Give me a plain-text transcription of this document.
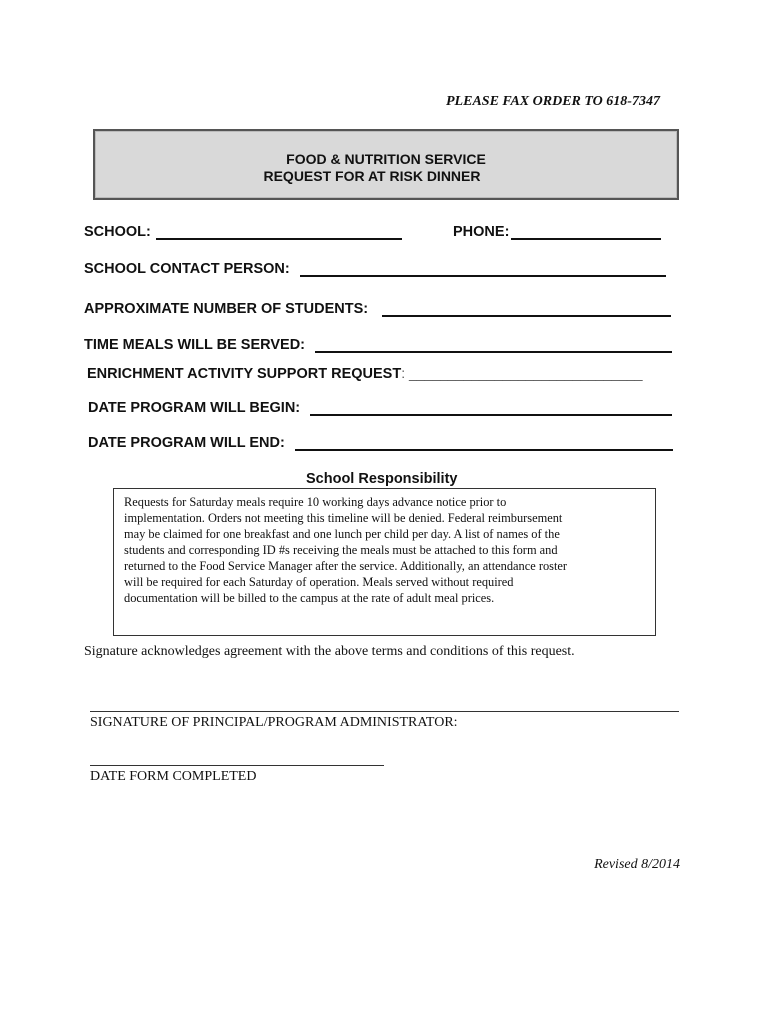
PLEASE FAX ORDER TO 618-7347
FOOD & NUTRITION SERVICE
REQUEST FOR AT RISK DINNER
SCHOOL:	PHONE:
SCHOOL CONTACT PERSON:
APPROXIMATE NUMBER OF STUDENTS:
TIME MEALS WILL BE SERVED:
ENRICHMENT ACTIVITY SUPPORT REQUEST: ______________________________
DATE PROGRAM WILL BEGIN:
DATE PROGRAM WILL END:
School Responsibility
Requests for Saturday meals require 10 working days advance notice prior to
implementation. Orders not meeting this timeline will be denied. Federal reimbursement
may be claimed for one breakfast and one lunch per child per day. A list of names of the
students and corresponding ID #s receiving the meals must be attached to this form and
returned to the Food Service Manager after the service. Additionally, an attendance roster
will be required for each Saturday of operation. Meals served without required
documentation will be billed to the campus at the rate of adult meal prices.
Signature acknowledges agreement with the above terms and conditions of this request.
SIGNATURE OF PRINCIPAL/PROGRAM ADMINISTRATOR:
DATE FORM COMPLETED
Revised 8/2014
